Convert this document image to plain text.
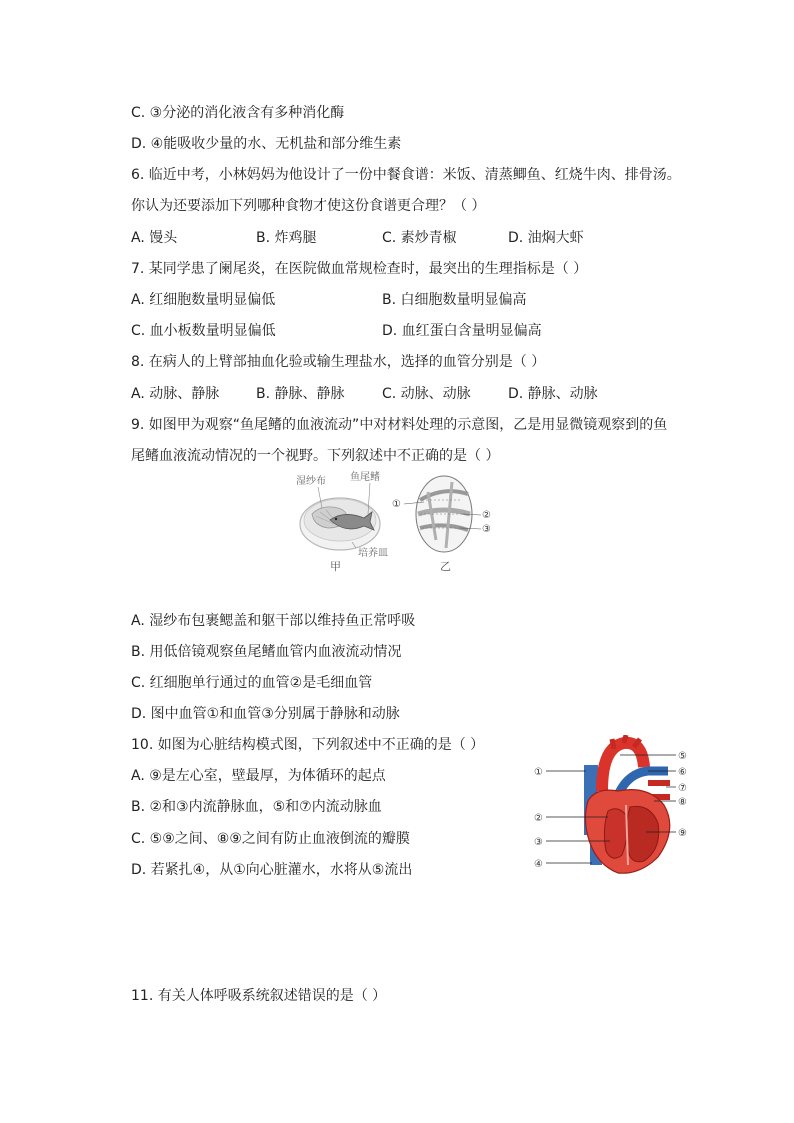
C. ③分泌的消化液含有多种消化酶
D. ④能吸收少量的水、无机盐和部分维生素
6. 临近中考，小林妈妈为他设计了一份中餐食谱：米饭、清蒸鲫鱼、红烧牛肉、排骨汤。
你认为还要添加下列哪种食物才使这份食谱更合理？（ ）
A. 馒头	B. 炸鸡腿	C. 素炒青椒	D. 油焖大虾
7. 某同学患了阑尾炎，在医院做血常规检查时，最突出的生理指标是（ ）
A. 红细胞数量明显偏低	B. 白细胞数量明显偏高
C. 血小板数量明显偏低	D. 血红蛋白含量明显偏高
8. 在病人的上臂部抽血化验或输生理盐水，选择的血管分别是（ ）
A. 动脉、静脉	B. 静脉、静脉	C. 动脉、动脉	D. 静脉、动脉
9. 如图甲为观察“鱼尾鳍的血液流动”中对材料处理的示意图，乙是用显微镜观察到的鱼
尾鳍血液流动情况的一个视野。下列叙述中不正确的是（ ）
湿纱布 鱼尾鳍
培养皿
甲
①
②
③
乙
A. 湿纱布包裹鳃盖和躯干部以维持鱼正常呼吸
B. 用低倍镜观察鱼尾鳍血管内血液流动情况
C. 红细胞单行通过的血管②是毛细血管
D. 图中血管①和血管③分别属于静脉和动脉
10. 如图为心脏结构模式图，下列叙述中不正确的是（ ）
A. ⑨是左心室，壁最厚，为体循环的起点
B. ②和③内流静脉血，⑤和⑦内流动脉血
C. ⑤⑨之间、⑧⑨之间有防止血液倒流的瓣膜
D. 若紧扎④，从①向心脏灌水，水将从⑤流出
①
②
③
④
⑤
⑥
⑦
⑧
⑨
11. 有关人体呼吸系统叙述错误的是（ ）
